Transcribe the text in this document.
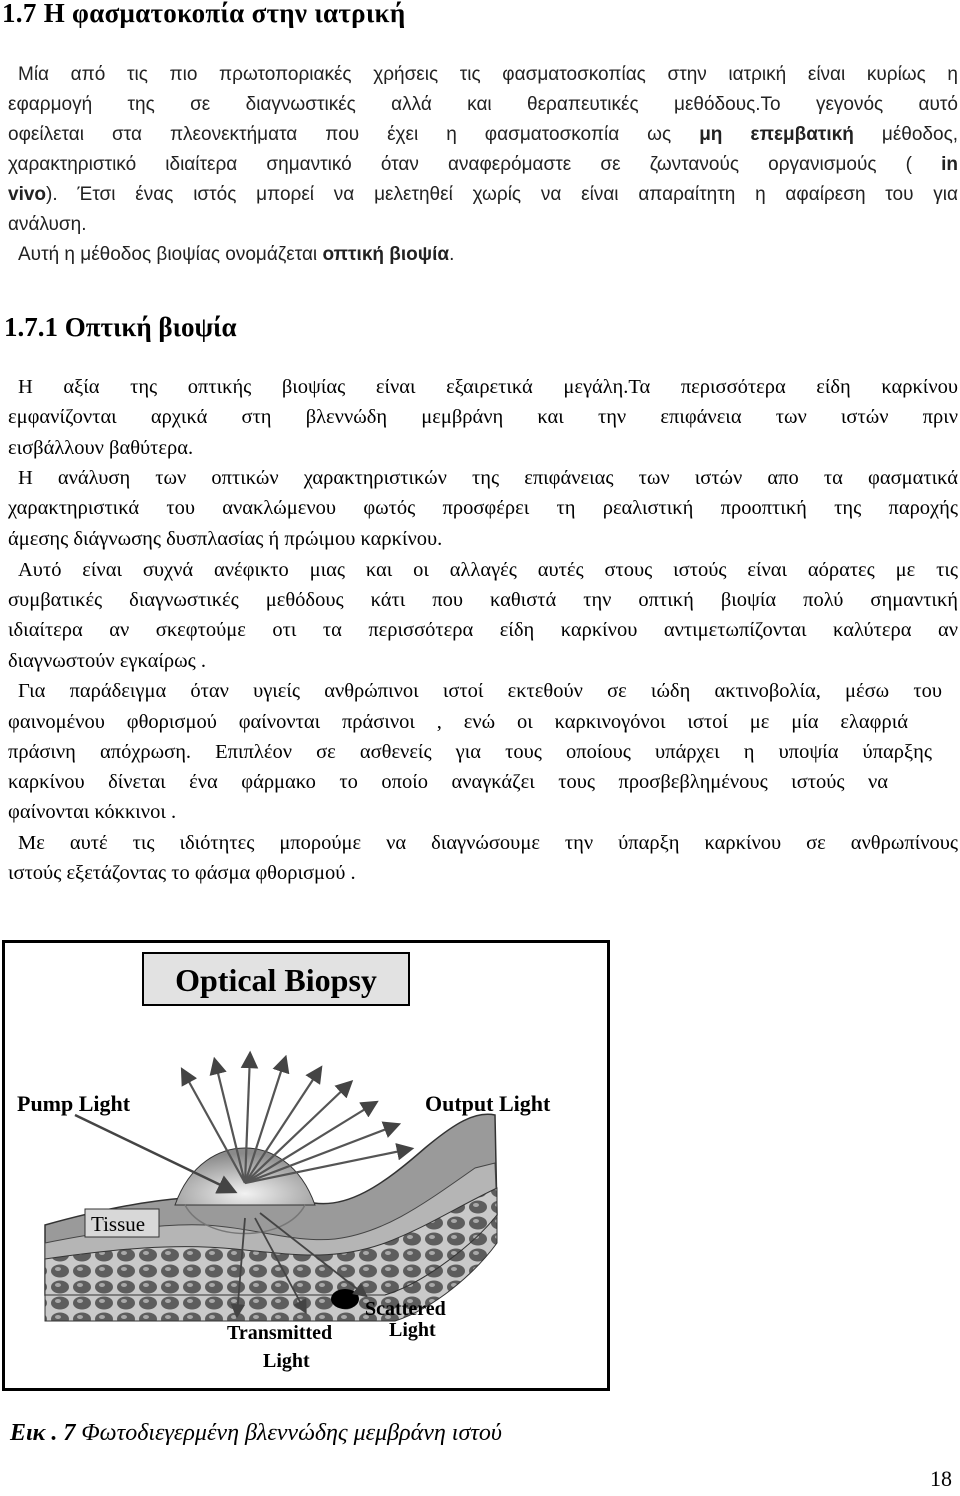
1.7 Η φασματοκοπία στην ιατρική
Μία από τις πιο πρωτοποριακές χρήσεις τις φασματοσκοπίας στην ιατρική είναι κυρίως η
εφαρμογή της σε διαγνωστικές αλλά και θεραπευτικές μεθόδους.Το γεγονός αυτό
οφείλεται στα πλεονεκτήματα που έχει η φασματοσκοπία ως μη επεμβατική μέθοδος,
χαρακτηριστικό ιδιαίτερα σημαντικό όταν αναφερόμαστε σε ζωντανούς οργανισμούς ( in
vivo). Έτσι ένας ιστός μπορεί να μελετηθεί χωρίς να είναι απαραίτητη η αφαίρεση του για
ανάλυση.
Αυτή η μέθοδος βιοψίας ονομάζεται οπτική βιοψία.
1.7.1 Οπτική βιοψία
Η αξία της οπτικής βιοψίας είναι εξαιρετικά μεγάλη.Τα περισσότερα είδη καρκίνου
εμφανίζονται αρχικά στη βλεννώδη μεμβράνη και την επιφάνεια των ιστών πριν
εισβάλλουν βαθύτερα.
Η ανάλυση των οπτικών χαρακτηριστικών της επιφάνειας των ιστών απο τα φασματικά
χαρακτηριστικά του ανακλώμενου φωτός προσφέρει τη ρεαλιστική προοπτική της παροχής
άμεσης διάγνωσης δυσπλασίας ή πρώιμου καρκίνου.
Αυτό είναι συχνά ανέφικτο μιας και οι αλλαγές αυτές στους ιστούς είναι αόρατες με τις
συμβατικές διαγνωστικές μεθόδους κάτι που καθιστά την οπτική βιοψία πολύ σημαντική
ιδιαίτερα αν σκεφτούμε οτι τα περισσότερα είδη καρκίνου αντιμετωπίζονται καλύτερα αν
διαγνωστούν εγκαίρως .
Για παράδειγμα όταν υγιείς ανθρώπινοι ιστοί εκτεθούν σε ιώδη ακτινοβολία, μέσω του
φαινομένου φθορισμού φαίνονται πράσινοι , ενώ οι καρκινογόνοι ιστοί με μία ελαφριά
πράσινη απόχρωση. Επιπλέον σε ασθενείς για τους οποίους υπάρχει η υποψία ύπαρξης
καρκίνου δίνεται ένα φάρμακο το οποίο αναγκάζει τους προσβεβλημένους ιστούς να
φαίνονται κόκκινοι .
Με αυτέ τις ιδιότητες μπορούμε να διαγνώσουμε την ύπαρξη καρκίνου σε ανθρωπίνους
ιστούς εξετάζοντας το φάσμα φθορισμού .
Optical Biopsy
Pump Light	Output Light
Tissue
Scattered
Light
Transmitted
Light
Εικ . 7 Φωτοδιεγερμένη βλεννώδης μεμβράνη ιστού
18
